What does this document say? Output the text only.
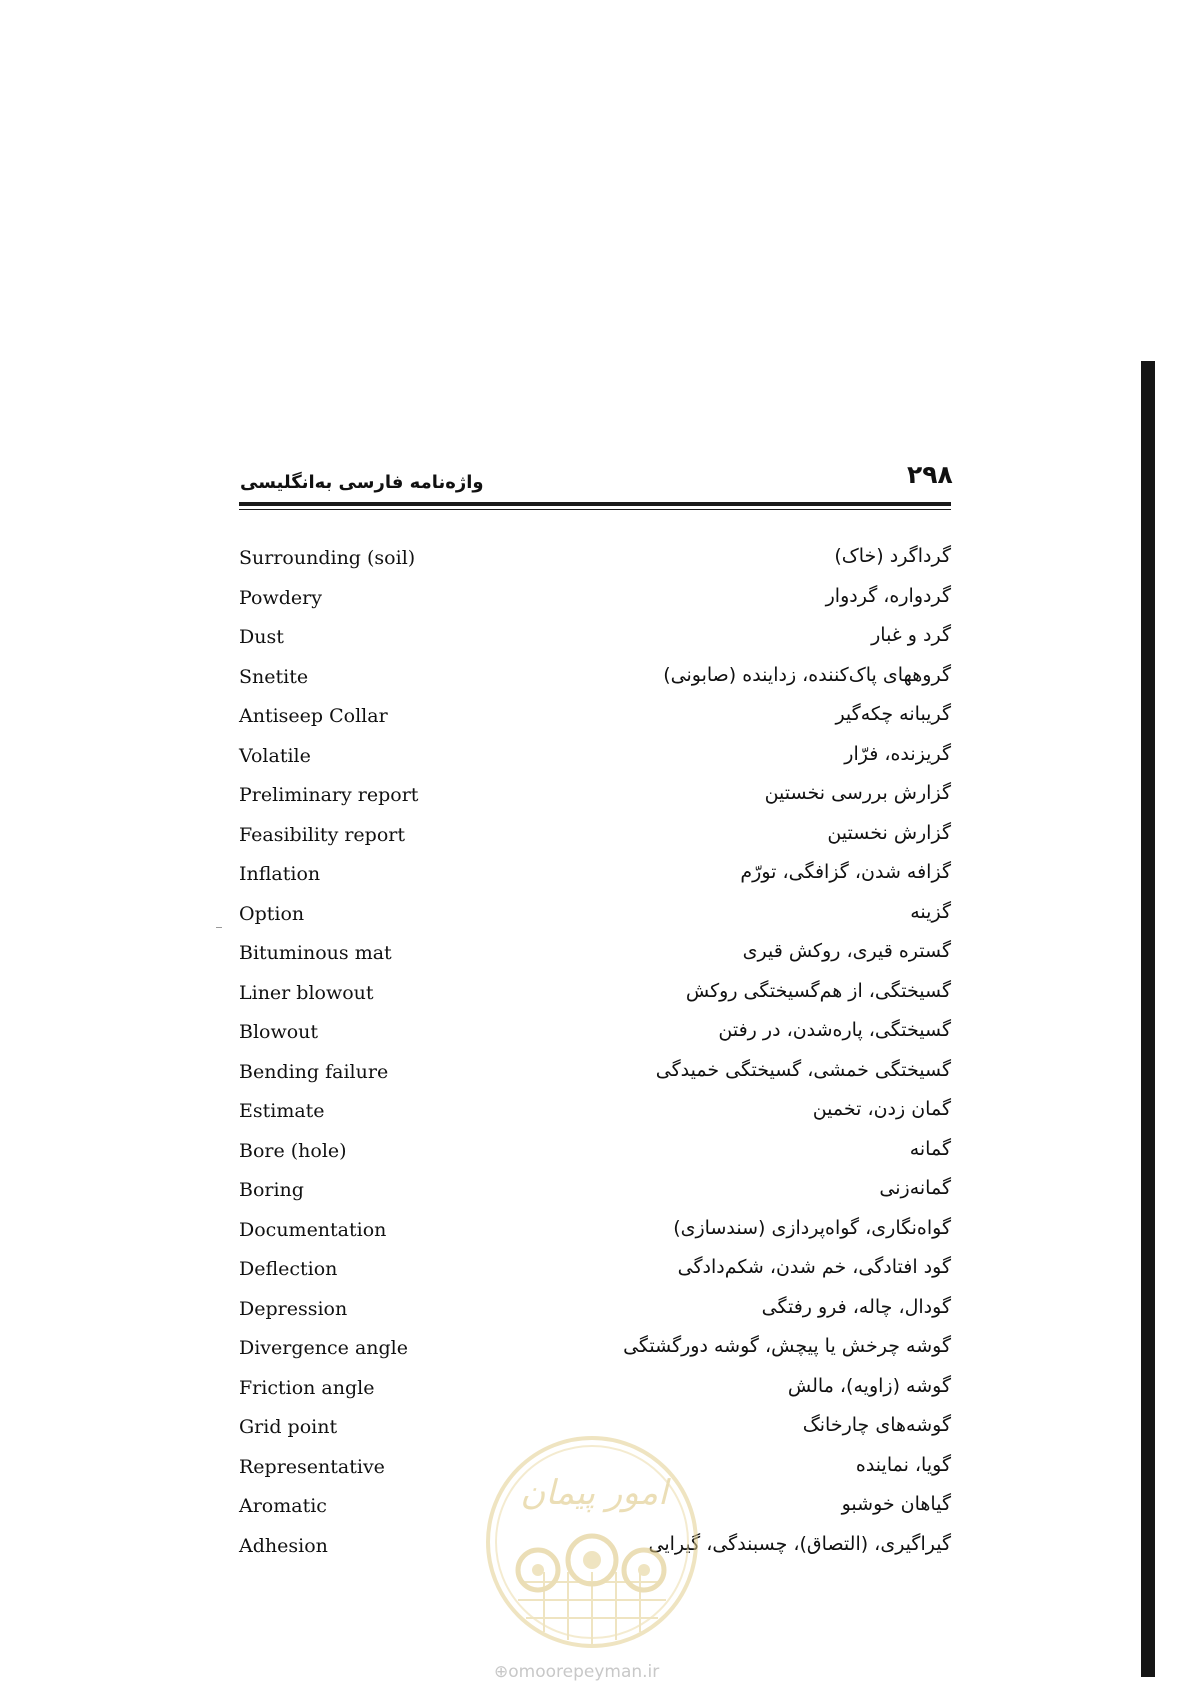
۲۹۸
واژه‌نامه فارسی به‌انگلیسی
Surrounding (soil)	گرداگرد (خاک)
Powdery	گردواره، گردوار
Dust	گرد و غبار
Snetite	گروههای پاک‌کننده، زداینده (صابونی)
Antiseep Collar	گریبانه چکه‌گیر
Volatile	گریزنده، فرّار
Preliminary report	گزارش بررسی نخستین
Feasibility report	گزارش نخستین
Inflation	گزافه شدن، گزافگی، تورّم
Option	گزینه
Bituminous mat	گستره قیری، روکش قیری
Liner blowout	گسیختگی، از هم‌گسیختگی روکش
Blowout	گسیختگی، پاره‌شدن، در رفتن
Bending failure	گسیختگی خمشی، گسیختگی خمیدگی
Estimate	گمان زدن، تخمین
Bore (hole)	گمانه
Boring	گمانه‌زنی
Documentation	گواه‌نگاری، گواه‌پردازی (سندسازی)
Deflection	گود افتادگی، خم شدن، شکم‌دادگی
Depression	گودال، چاله، فرو رفتگی
Divergence angle	گوشه چرخش یا پیچش، گوشه دورگشتگی
Friction angle	گوشه (زاویه)، مالش
Grid point	گوشه‌های چارخانگ
Representative	گویا، نماینده
Aromatic	گیاهان خوشبو
Adhesion	گیراگیری، (التصاق)، چسبندگی، گیرایی
امور پیمان
⊕omoorepeyman.ir
